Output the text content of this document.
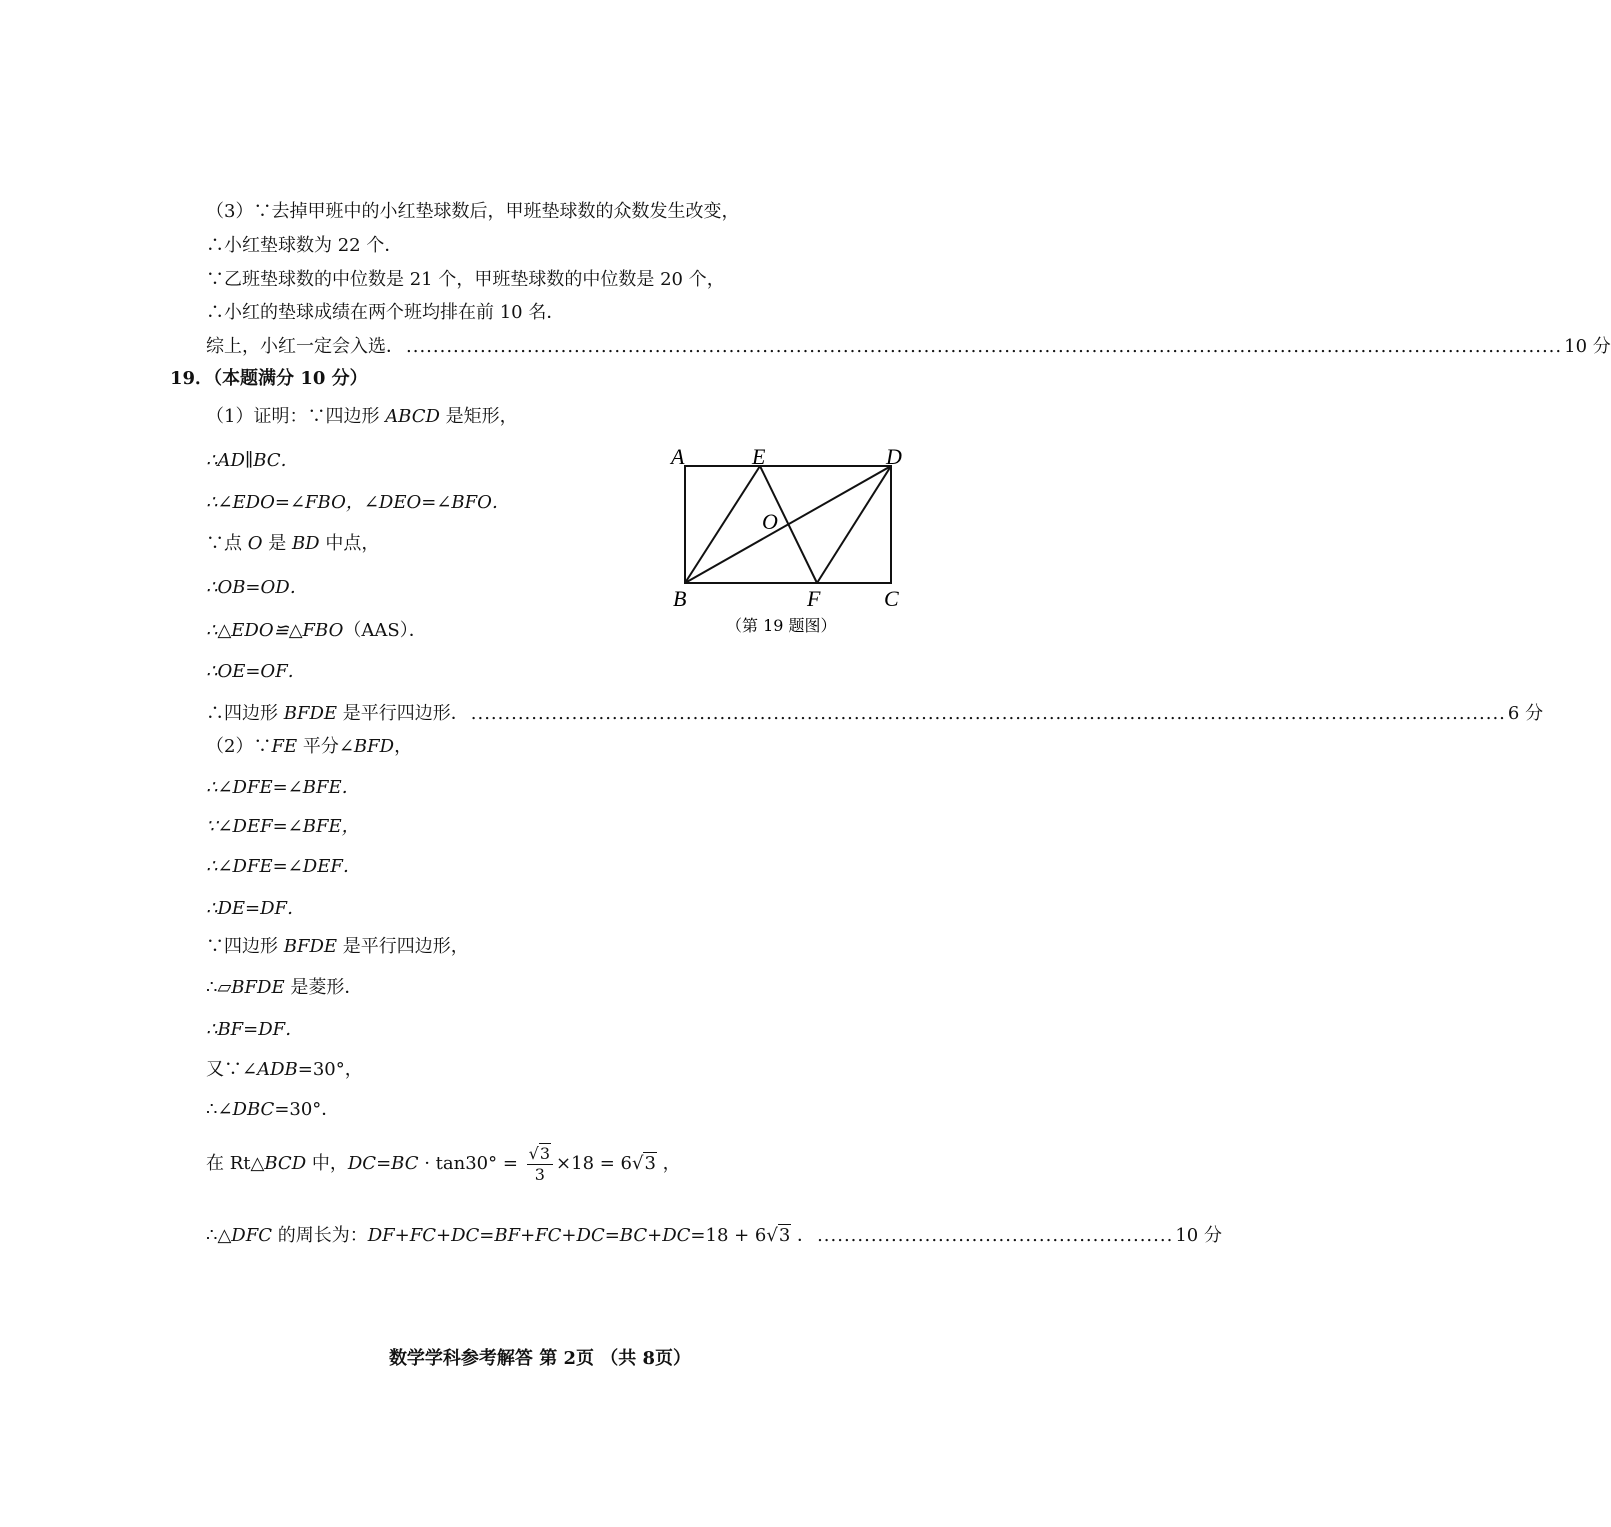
（3）∵去掉甲班中的小红垫球数后，甲班垫球数的众数发生改变，
∴小红垫球数为 22 个．
∵乙班垫球数的中位数是 21 个，甲班垫球数的中位数是 20 个，
∴小红的垫球成绩在两个班均排在前 10 名．
综上，小红一定会入选． ............................................................................................................................................................................ 10 分
19．（本题满分 10 分）
（1）证明：∵四边形 ABCD 是矩形，
∴AD∥BC．
∴∠EDO=∠FBO，∠DEO=∠BFO．
∵点 O 是 BD 中点，
∴OB=OD．
∴△EDO≌△FBO（AAS）．
∴OE=OF．
∴四边形 BFDE 是平行四边形． .......................................................................................................................................................... 6 分
（2）∵FE 平分∠BFD，
∴∠DFE=∠BFE．
∵∠DEF=∠BFE，
∴∠DFE=∠DEF．
∴DE=DF．
∵四边形 BFDE 是平行四边形，
∴▱BFDE 是菱形．
∴BF=DF．
又∵∠ADB=30°，
∴∠DBC=30°．
在 Rt△BCD 中，$DC=BC \cdot \tan 30^\circ = \frac{√3}{3} \times 18 = 6√3$ ，
∴△DFC 的周长为：DF+FC+DC=BF+FC+DC=BC+DC=18 + 6√3 ． ..................................................... 10 分
A	E	D
O
B	F	C
（第 19 题图）
数学学科参考解答 第 2页 （共 8页）
